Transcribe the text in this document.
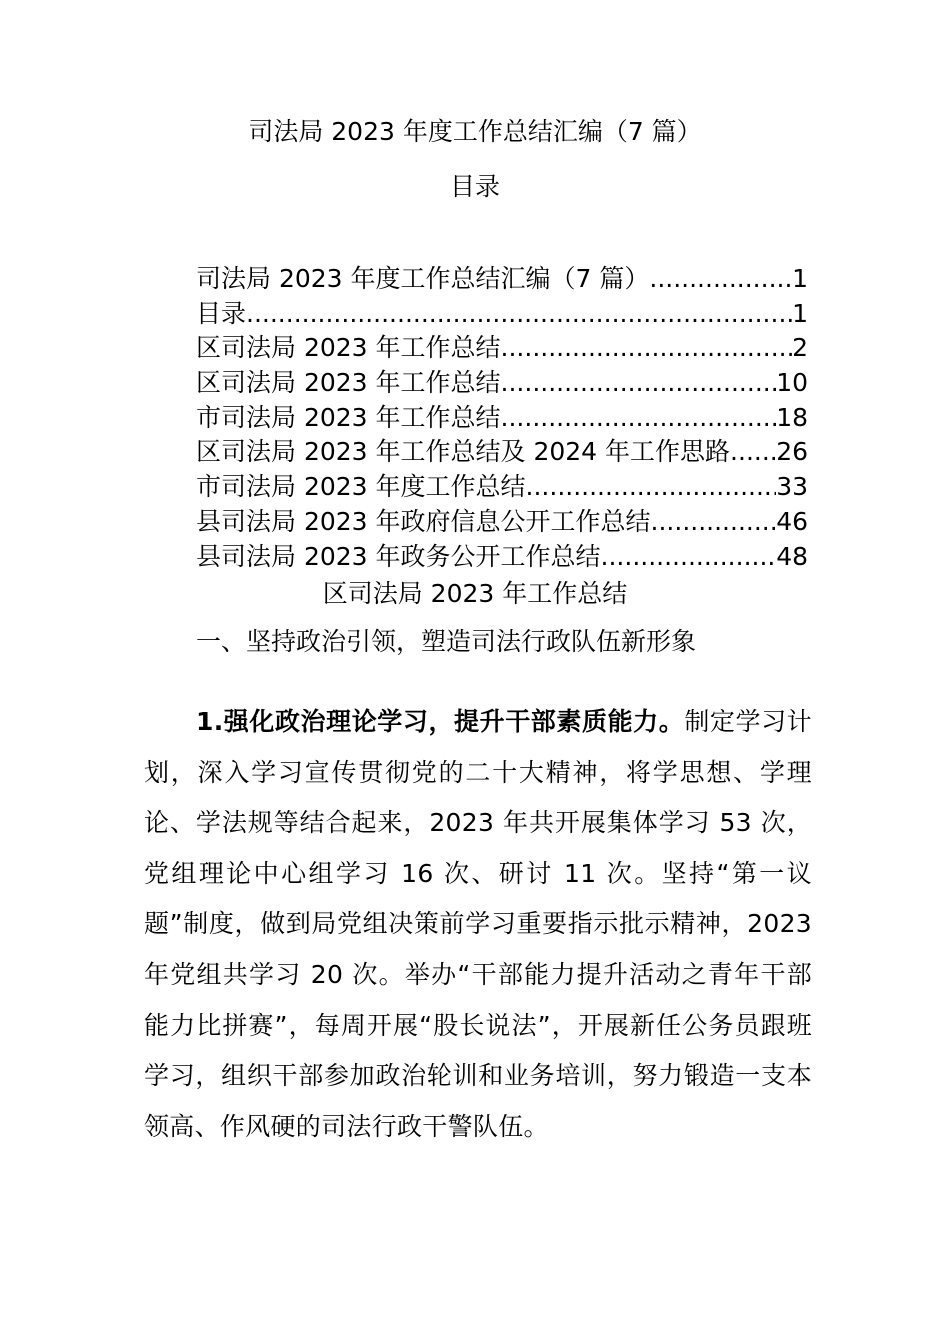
司法局 2023 年度工作总结汇编（7 篇）
目录
司法局 2023 年度工作总结汇编（7 篇） .....	1
目录 .....	1
区司法局 2023 年工作总结 .....	2
区司法局 2023 年工作总结 .....	10
市司法局 2023 年工作总结 .....	18
区司法局 2023 年工作总结及 2024 年工作思路 ..... 26
市司法局 2023 年度工作总结 .....	33
县司法局 2023 年政府信息公开工作总结 .....	46
县司法局 2023 年政务公开工作总结 .....	48
区司法局 2023 年工作总结
一、坚持政治引领，塑造司法行政队伍新形象

1.强化政治理论学习，提升干部素质能力。制定学习计划，深入学习宣传贯彻党的二十大精神，将学思想、学理论、学法规等结合起来，2023 年共开展集体学习 53 次，党组理论中心组学习 16 次、研讨 11 次。坚持“第一议题”制度，做到局党组决策前学习重要指示批示精神，2023 年党组共学习 20 次。举办“干部能力提升活动之青年干部能力比拼赛”，每周开展“股长说法”，开展新任公务员跟班学习，组织干部参加政治轮训和业务培训，努力锻造一支本领高、作风硬的司法行政干警队伍。
